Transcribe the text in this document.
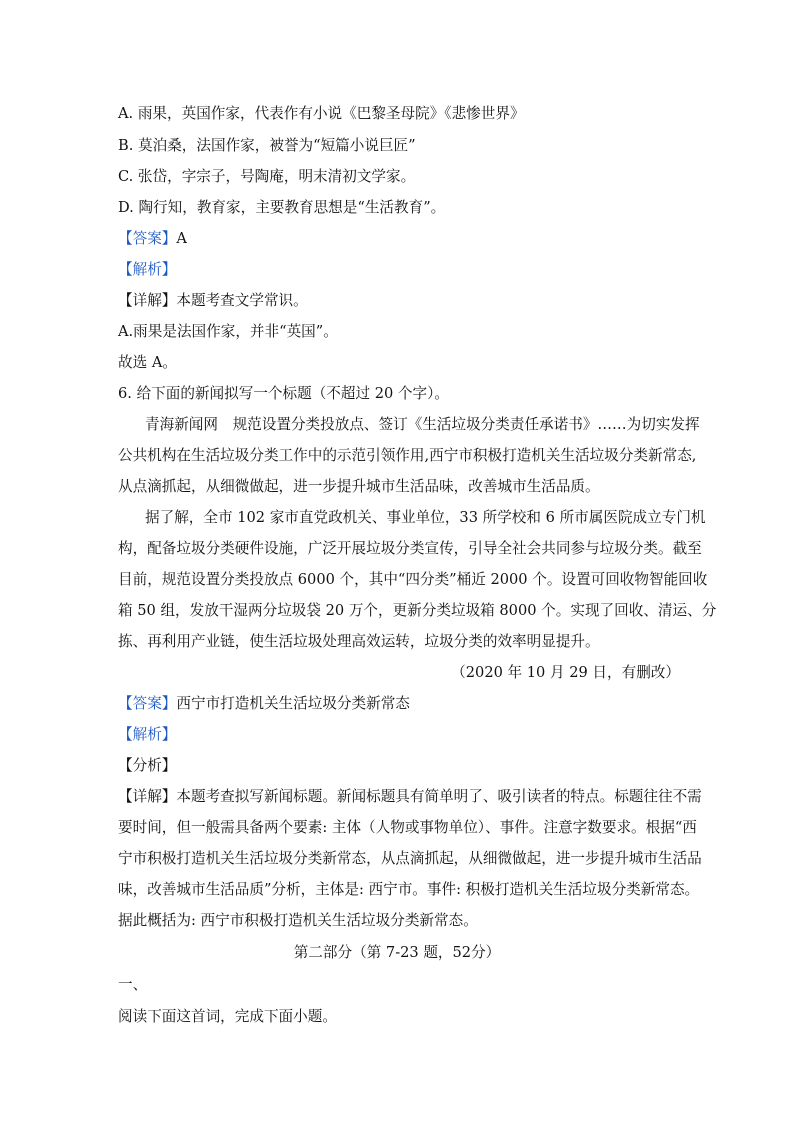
A. 雨果，英国作家，代表作有小说《巴黎圣母院》《悲惨世界》
B. 莫泊桑，法国作家，被誉为“短篇小说巨匠”
C. 张岱，字宗子，号陶庵，明末清初文学家。
D. 陶行知，教育家，主要教育思想是“生活教育”。
【答案】A
【解析】
【详解】本题考查文学常识。
A.雨果是法国作家，并非“英国”。
故选 A。
6. 给下面的新闻拟写一个标题（不超过 20 个字）。
青海新闻网　规范设置分类投放点、签订《生活垃圾分类责任承诺书》……为切实发挥
公共机构在生活垃圾分类工作中的示范引领作用,西宁市积极打造机关生活垃圾分类新常态,
从点滴抓起，从细微做起，进一步提升城市生活品味，改善城市生活品质。
据了解，全市 102 家市直党政机关、事业单位，33 所学校和 6 所市属医院成立专门机
构，配备垃圾分类硬件设施，广泛开展垃圾分类宣传，引导全社会共同参与垃圾分类。截至
目前，规范设置分类投放点 6000 个，其中“四分类”桶近 2000 个。设置可回收物智能回收
箱 50 组，发放干湿两分垃圾袋 20 万个，更新分类垃圾箱 8000 个。实现了回收、清运、分
拣、再利用产业链，使生活垃圾处理高效运转，垃圾分类的效率明显提升。
（2020 年 10 月 29 日，有删改）
【答案】西宁市打造机关生活垃圾分类新常态
【解析】
【分析】
【详解】本题考查拟写新闻标题。新闻标题具有简单明了、吸引读者的特点。标题往往不需
要时间，但一般需具备两个要素: 主体（人物或事物单位）、事件。注意字数要求。根据“西
宁市积极打造机关生活垃圾分类新常态，从点滴抓起，从细微做起，进一步提升城市生活品
味，改善城市生活品质”分析，主体是: 西宁市。事件: 积极打造机关生活垃圾分类新常态。
据此概括为: 西宁市积极打造机关生活垃圾分类新常态。
第二部分（第 7-23 题，52分）
一、
阅读下面这首词，完成下面小题。
